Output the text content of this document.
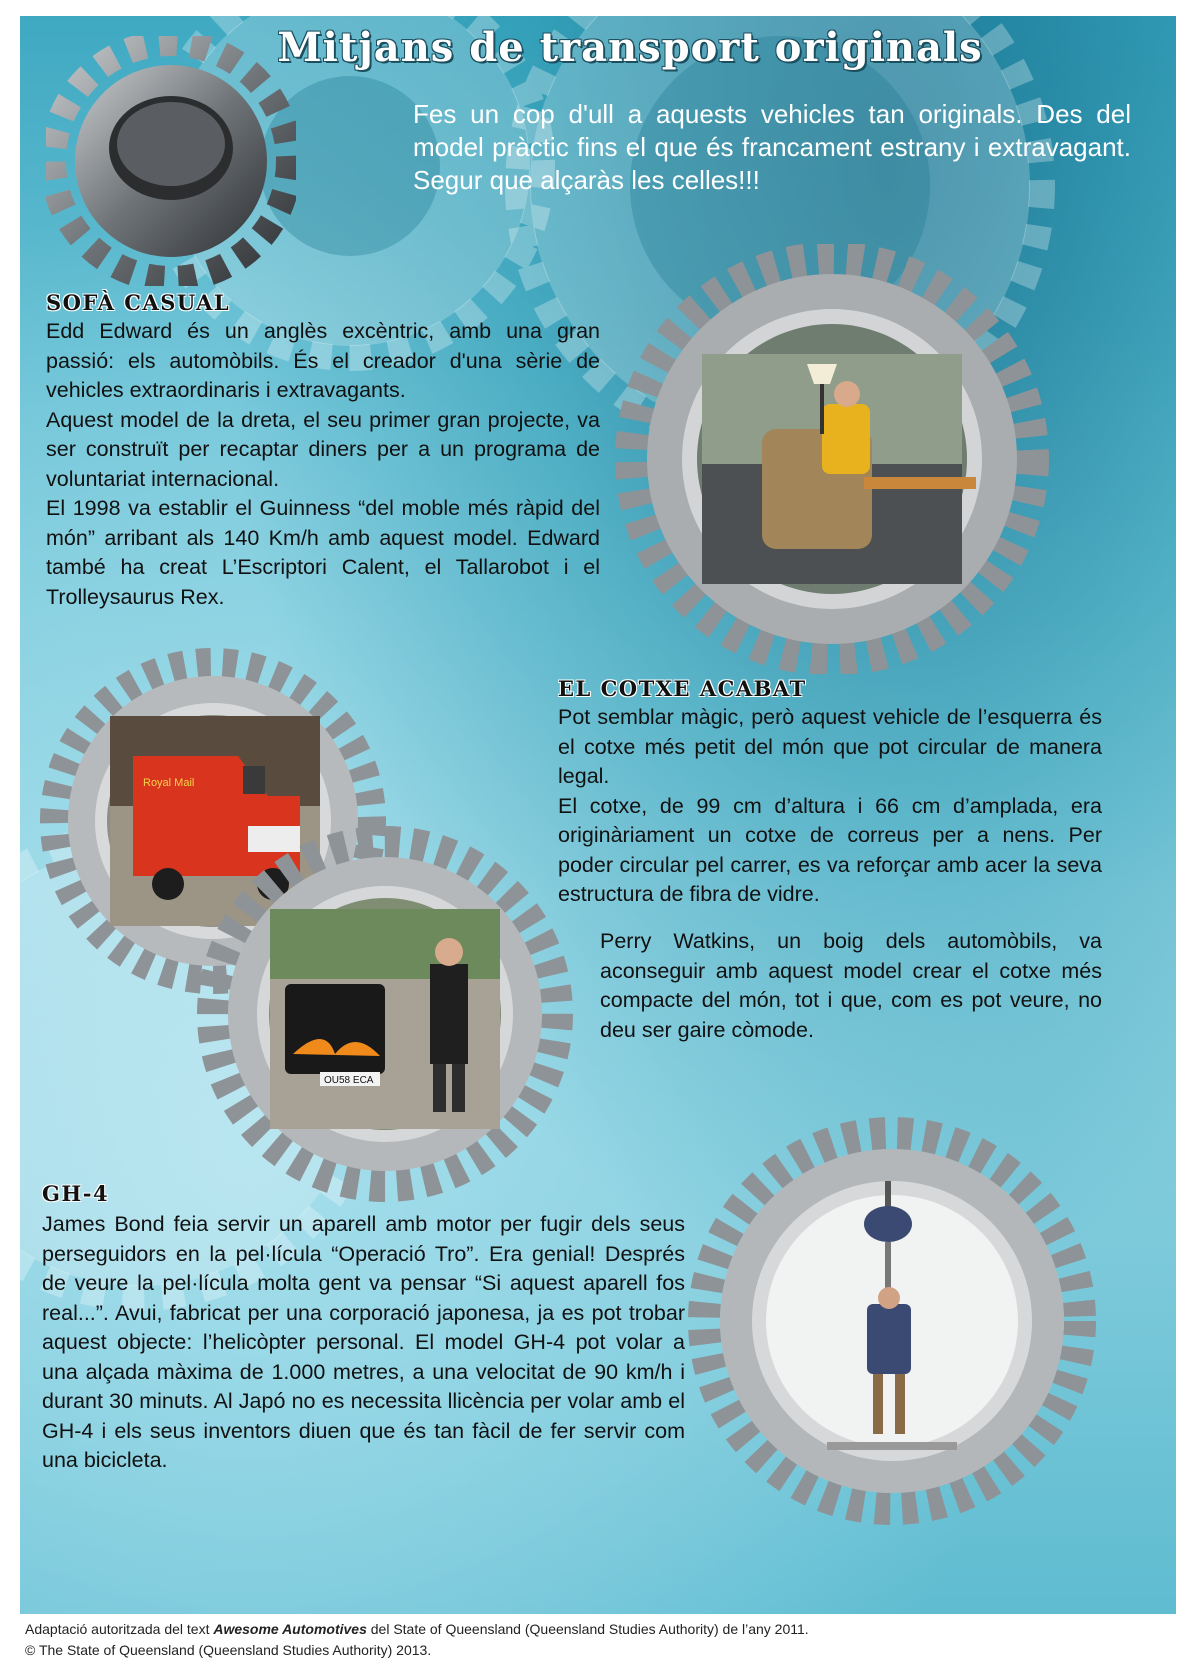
Mitjans de transport originals

Fes un cop d'ull a aquests vehicles tan originals. Des del model pràctic fins el que és francament estrany i extravagant. Segur que alçaràs les celles!!!

SOFÀ CASUAL
Edd Edward és un anglès excèntric, amb una gran passió: els automòbils. És el creador d'una sèrie de vehicles extraordinaris i extravagants.
Aquest model de la dreta, el seu primer gran projecte, va ser construït per recaptar diners per a un programa de voluntariat internacional.
El 1998 va establir el Guinness “del moble més ràpid del món” arribant als 140 Km/h amb aquest model. Edward també ha creat L’Escriptori Calent, el Tallarobot i el Trolleysaurus Rex.
EL COTXE ACABAT
Pot semblar màgic, però aquest vehicle de l’esquerra és el cotxe més petit del món que pot circular de manera legal.
El cotxe, de 99 cm d’altura i 66 cm d’amplada, era originàriament un cotxe de correus per a nens. Per poder circular pel carrer, es va reforçar amb acer la seva estructura de fibra de vidre.

Perry Watkins, un boig dels automòbils, va aconseguir amb aquest model crear el cotxe més compacte del món, tot i que, com es pot veure, no deu ser gaire còmode.

Royal Mail
OU58 ECA
GH-4

James Bond feia servir un aparell amb motor per fugir dels seus perseguidors en la pel·lícula “Operació Tro”. Era genial! Després de veure la pel·lícula molta gent va pensar “Si aquest aparell fos real...”. Avui, fabricat per una corporació japonesa, ja es pot trobar aquest objecte: l’helicòpter personal. El model GH-4 pot volar a una alçada màxima de 1.000 metres, a una velocitat de 90 km/h i durant 30 minuts. Al Japó no es necessita llicència per volar amb el GH-4 i els seus inventors diuen que és tan fàcil de fer servir com una bicicleta.

Adaptació autoritzada del text Awesome Automotives del State of Queensland (Queensland Studies Authority) de l’any 2011.

© The State of Queensland (Queensland Studies Authority) 2013.
